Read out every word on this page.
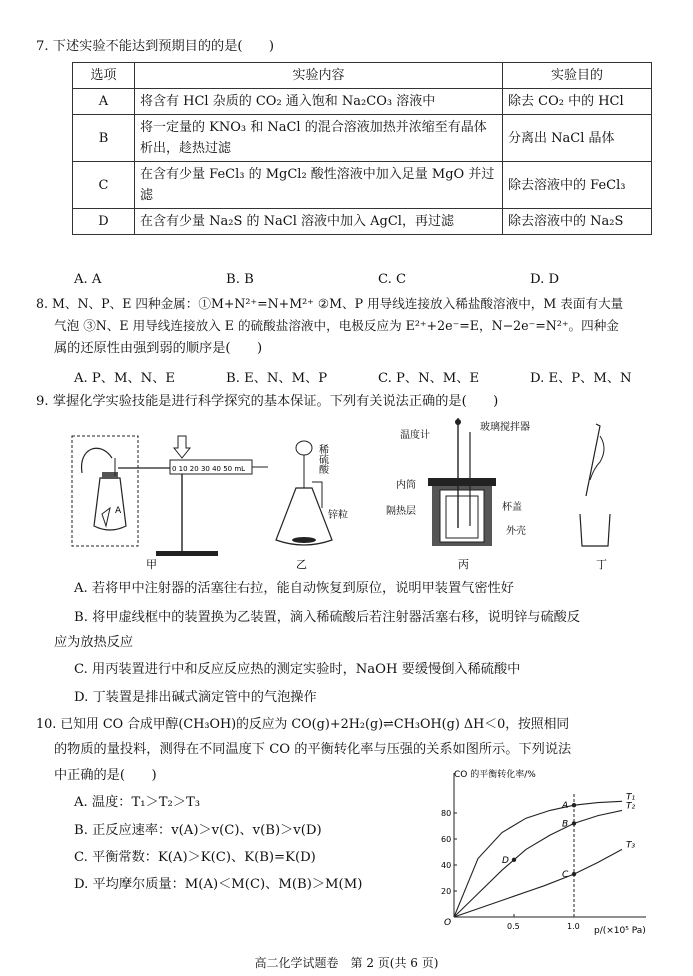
7. 下述实验不能达到预期目的的是(　　)
选项	实验内容	实验目的
A	将含有 HCl 杂质的 CO₂ 通入饱和 Na₂CO₃ 溶液中	除去 CO₂ 中的 HCl
B	将一定量的 KNO₃ 和 NaCl 的混合溶液加热并浓缩至有晶体析出，趁热过滤	分离出 NaCl 晶体
C	在含有少量 FeCl₃ 的 MgCl₂ 酸性溶液中加入足量 MgO 并过滤	除去溶液中的 FeCl₃
D	在含有少量 Na₂S 的 NaCl 溶液中加入 AgCl，再过滤	除去溶液中的 Na₂S
A. A	B. B	C. C	D. D
8. M、N、P、E 四种金属：①M+N²⁺=N+M²⁺ ②M、P 用导线连接放入稀盐酸溶液中，M 表面有大量
气泡 ③N、E 用导线连接放入 E 的硫酸盐溶液中，电极反应为 E²⁺+2e⁻=E，N−2e⁻=N²⁺。四种金
属的还原性由强到弱的顺序是(　　)
A. P、M、N、E	B. E、N、M、P	C. P、N、M、E	D. E、P、M、N
9. 掌握化学实验技能是进行科学探究的基本保证。下列有关说法正确的是(　　)
A
0 10 20 30 40 50 mL
甲
稀硫酸
锌粒
乙
温度计
玻璃搅拌器
内筒
隔热层	杯盖
外壳
丙	丁
A. 若将甲中注射器的活塞往右拉，能自动恢复到原位，说明甲装置气密性好
B. 将甲虚线框中的装置换为乙装置，滴入稀硫酸后若注射器活塞右移，说明锌与硫酸反
应为放热反应
C. 用丙装置进行中和反应反应热的测定实验时，NaOH 要缓慢倒入稀硫酸中
D. 丁装置是排出碱式滴定管中的气泡操作
10. 已知用 CO 合成甲醇(CH₃OH)的反应为 CO(g)+2H₂(g)⇌CH₃OH(g) ΔH＜0，按照相同
的物质的量投料，测得在不同温度下 CO 的平衡转化率与压强的关系如图所示。下列说法
中正确的是(　　)
A. 温度：T₁＞T₂＞T₃
B. 正反应速率：v(A)＞v(C)、v(B)＞v(D)
C. 平衡常数：K(A)＞K(C)、K(B)=K(D)
D. 平均摩尔质量：M(A)＜M(C)、M(B)＞M(M)	20
40
60
80
0.5	1.0
T₁
T₂
T₃
A
B
C
D
CO 的平衡转化率/%
p/(×10⁵ Pa)
O
高二化学试题卷　第 2 页(共 6 页)
